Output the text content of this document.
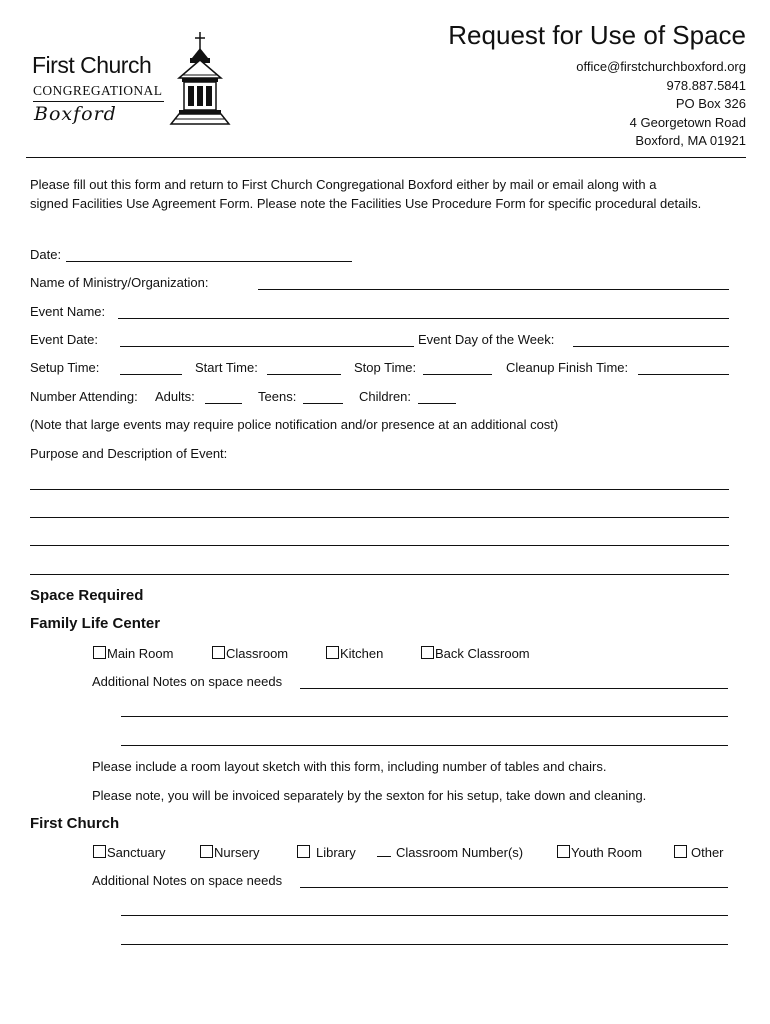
First Church
CONGREGATIONAL
Boxford
Request for Use of Space
office@firstchurchboxford.org
978.887.5841
PO Box 326
4 Georgetown Road
Boxford, MA 01921
Please fill out this form and return to First Church Congregational Boxford either by mail or email along with a
signed Facilities Use Agreement Form. Please note the Facilities Use Procedure Form for specific procedural details.
Date:
Name of Ministry/Organization:
Event Name:
Event Date:	Event Day of the Week:
Setup Time:	Start Time:	Stop Time:	Cleanup Finish Time:
Number Attending: Adults:	Teens:	Children:
(Note that large events may require police notification and/or presence at an additional cost)
Purpose and Description of Event:
Space Required
Family Life Center
Main Room	Classroom	Kitchen	Back Classroom
Additional Notes on space needs
Please include a room layout sketch with this form, including number of tables and chairs.
Please note, you will be invoiced separately by the sexton for his setup, take down and cleaning.
First Church
Sanctuary	Nursery	Library	Classroom Number(s)	Youth Room	Other
Additional Notes on space needs
